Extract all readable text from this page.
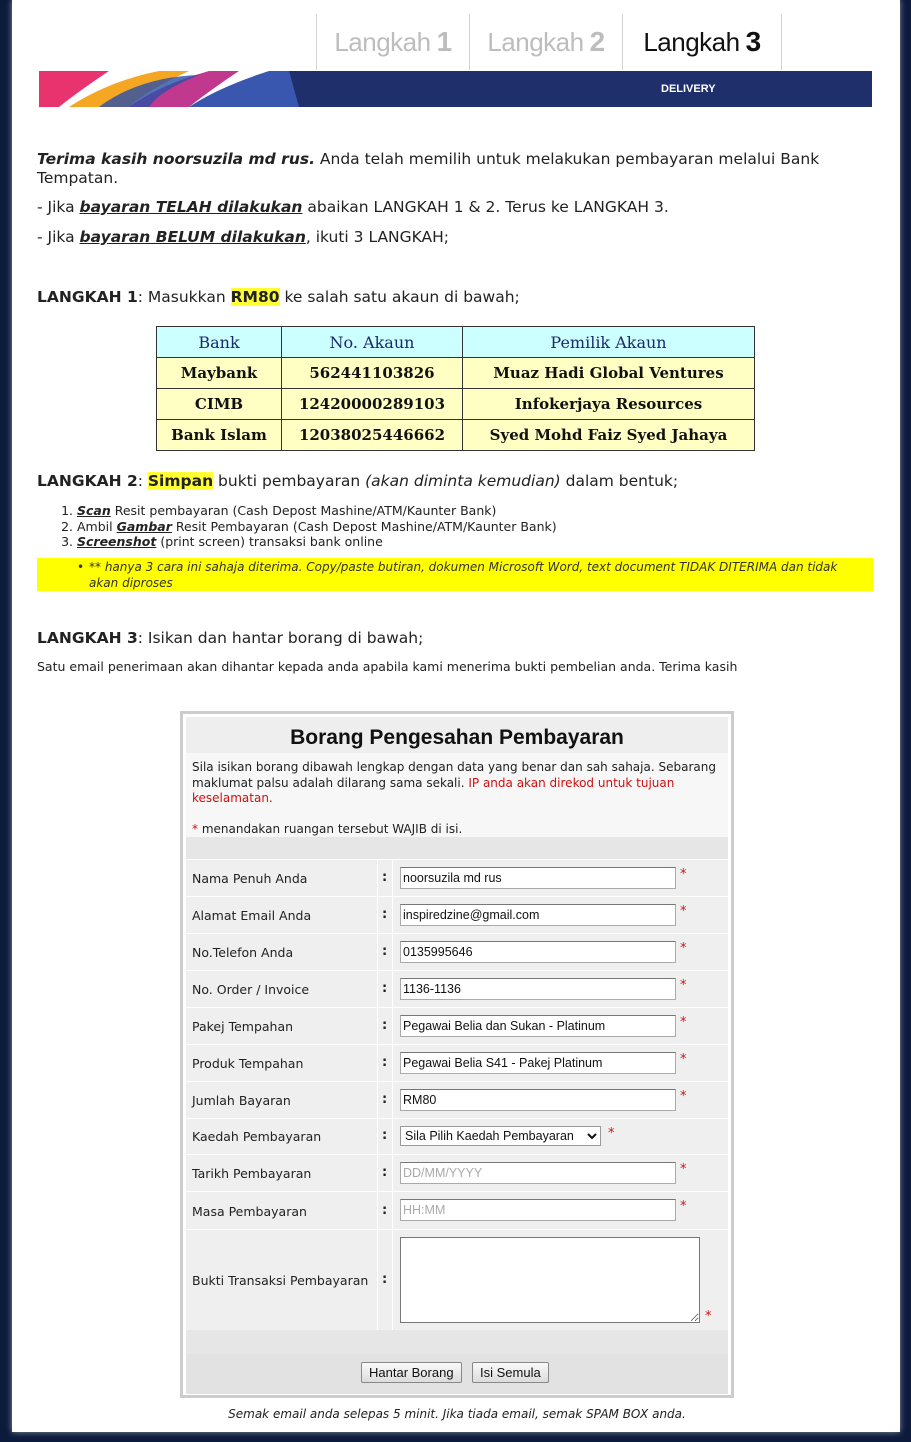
Langkah 1 Langkah 2 Langkah 3
DELIVERY

Terima kasih noorsuzila md rus. Anda telah memilih untuk melakukan pembayaran melalui Bank Tempatan.

- Jika bayaran TELAH dilakukan abaikan LANGKAH 1 & 2. Terus ke LANGKAH 3.

- Jika bayaran BELUM dilakukan, ikuti 3 LANGKAH;

LANGKAH 1: Masukkan RM80 ke salah satu akaun di bawah;

Bank	No. Akaun	Pemilik Akaun
Maybank	562441103826	Muaz Hadi Global Ventures
CIMB	12420000289103	Infokerjaya Resources
Bank Islam	12038025446662	Syed Mohd Faiz Syed Jahaya

LANGKAH 2: Simpan bukti pembayaran (akan diminta kemudian) dalam bentuk;

1. Scan Resit pembayaran (Cash Depost Mashine/ATM/Kaunter Bank)
2. Ambil Gambar Resit Pembayaran (Cash Depost Mashine/ATM/Kaunter Bank)
3. Screenshot (print screen) transaksi bank online
• ** hanya 3 cara ini sahaja diterima. Copy/paste butiran, dokumen Microsoft Word, text document TIDAK DITERIMA dan tidak akan diproses

LANGKAH 3: Isikan dan hantar borang di bawah;

Satu email penerimaan akan dihantar kepada anda apabila kami menerima bukti pembelian anda. Terima kasih

Borang Pengesahan Pembayaran
Sila isikan borang dibawah lengkap dengan data yang benar dan sah sahaja. Sebarang maklumat palsu adalah dilarang sama sekali. IP anda akan direkod untuk tujuan keselamatan.
* menandakan ruangan tersebut WAJIB di isi.
Nama Penuh Anda	:
noorsuzila md rus	*
Alamat Email Anda	:
inspiredzine@gmail.com	*
No.Telefon Anda	:
0135995646	*
No. Order / Invoice	:
1136-1136	*
Pakej Tempahan	:
Pegawai Belia dan Sukan - Platinum	*
Produk Tempahan	:
Pegawai Belia S41 - Pakej Platinum	*
Jumlah Bayaran	:
RM80	*
Kaedah Pembayaran	:
Sila Pilih Kaedah Pembayaran	*
Tarikh Pembayaran	:
DD/MM/YYYY	*
Masa Pembayaran	:
HH:MM	*
Bukti Transaksi Pembayaran :
*
Hantar Borang	Isi Semula

Semak email anda selepas 5 minit. Jika tiada email, semak SPAM BOX anda.
